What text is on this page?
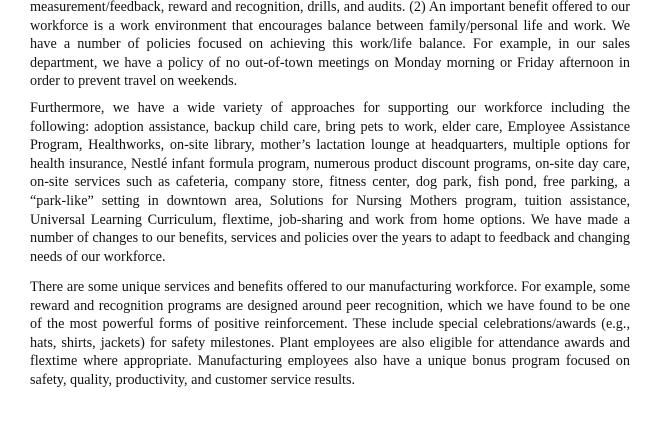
measurement/feedback, reward and recognition, drills, and audits. (2) An important benefit offered to our workforce is a work environment that encourages balance between family/personal life and work. We have a number of policies focused on achieving this work/life balance. For example, in our sales department, we have a policy of no out-of-town meetings on Monday morning or Friday afternoon in order to prevent travel on weekends.

Furthermore, we have a wide variety of approaches for supporting our workforce including the following: adoption assistance, backup child care, bring pets to work, elder care, Employee Assistance Program, Healthworks, on-site library, mother’s lactation lounge at headquarters, multiple options for health insurance, Nestlé infant formula program, numerous product discount programs, on-site day care, on-site services such as cafeteria, company store, fitness center, dog park, fish pond, free parking, a “park-like” setting in downtown area, Solutions for Nursing Mothers program, tuition assistance, Universal Learning Curriculum, flextime, job-sharing and work from home options. We have made a number of changes to our benefits, services and policies over the years to adapt to feedback and changing needs of our workforce.

There are some unique services and benefits offered to our manufacturing workforce. For example, some reward and recognition programs are designed around peer recognition, which we have found to be one of the most powerful forms of positive reinforcement. These include special celebrations/awards (e.g., hats, shirts, jackets) for safety milestones. Plant employees are also eligible for attendance awards and flextime where appropriate. Manufacturing employees also have a unique bonus program focused on safety, quality, productivity, and customer service results.
